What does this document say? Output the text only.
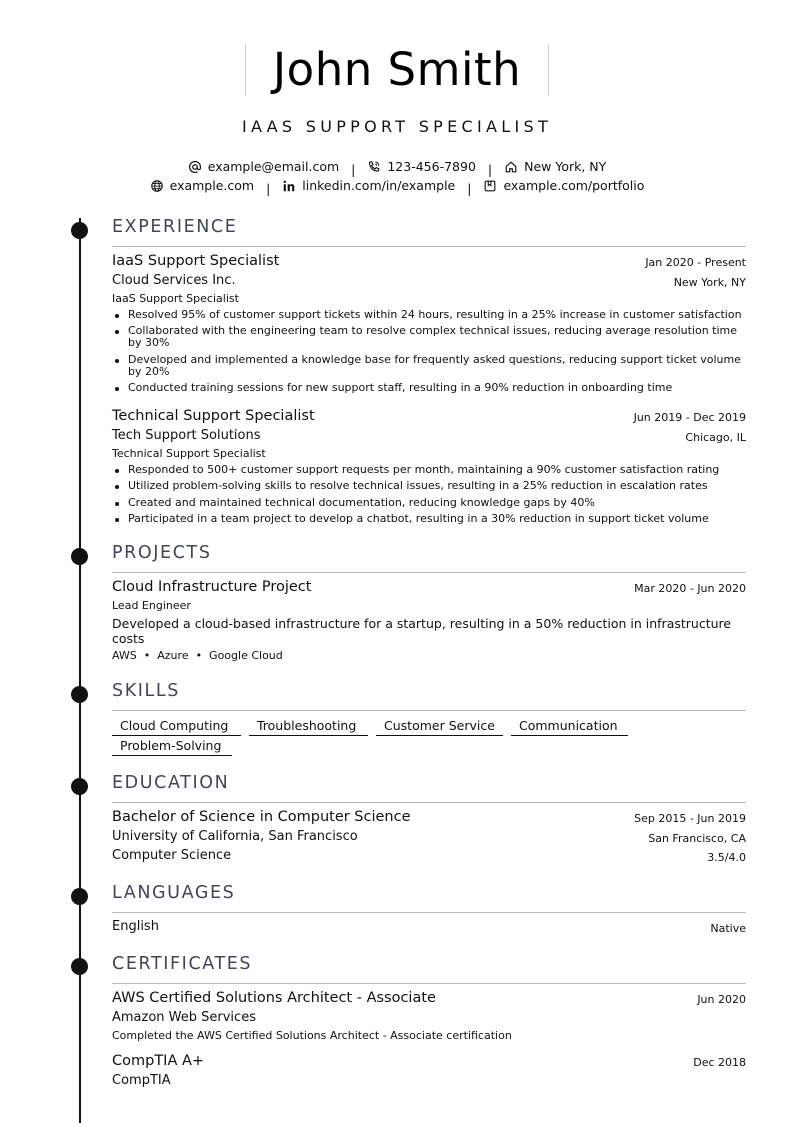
John Smith
IAAS SUPPORT SPECIALIST
example@email.com |	123-456-7890 |	New York, NY
example.com |	linkedin.com/in/example |	example.com/portfolio
EXPERIENCE
IaaS Support Specialist	Jan 2020 - Present
Cloud Services Inc.	New York, NY
IaaS Support Specialist
Resolved 95% of customer support tickets within 24 hours, resulting in a 25% increase in customer satisfaction
Collaborated with the engineering team to resolve complex technical issues, reducing average resolution time by 30%
Developed and implemented a knowledge base for frequently asked questions, reducing support ticket volume by 20%
Conducted training sessions for new support staff, resulting in a 90% reduction in onboarding time
Technical Support Specialist	Jun 2019 - Dec 2019
Tech Support Solutions	Chicago, IL
Technical Support Specialist
Responded to 500+ customer support requests per month, maintaining a 90% customer satisfaction rating
Utilized problem-solving skills to resolve technical issues, resulting in a 25% reduction in escalation rates
Created and maintained technical documentation, reducing knowledge gaps by 40%
Participated in a team project to develop a chatbot, resulting in a 30% reduction in support ticket volume
PROJECTS
Cloud Infrastructure Project	Mar 2020 - Jun 2020
Lead Engineer
Developed a cloud-based infrastructure for a startup, resulting in a 50% reduction in infrastructure costs
AWS  •  Azure  •  Google Cloud
SKILLS
Cloud Computing	Troubleshooting	Customer Service	Communication
Problem-Solving
EDUCATION
Bachelor of Science in Computer Science	Sep 2015 - Jun 2019
University of California, San Francisco	San Francisco, CA
Computer Science	3.5/4.0
LANGUAGES
English	Native
CERTIFICATES
AWS Certified Solutions Architect - Associate	Jun 2020
Amazon Web Services
Completed the AWS Certified Solutions Architect - Associate certification
CompTIA A+	Dec 2018
CompTIA
